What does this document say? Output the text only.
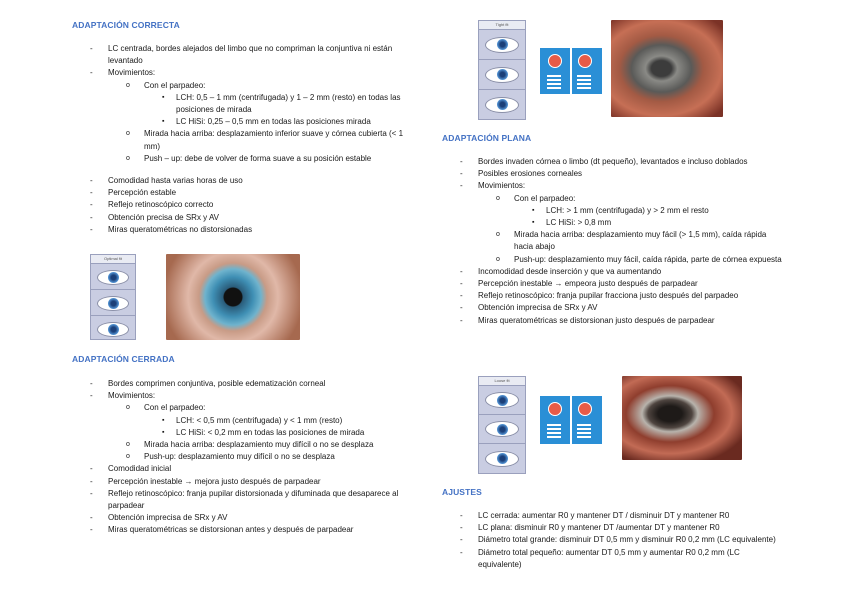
ADAPTACIÓN CORRECTA
- LC centrada, bordes alejados del limbo que no compriman la conjuntiva ni están levantado
- Movimientos:
o Con el parpadeo:
▪ LCH: 0,5 – 1 mm (centrifugada) y 1 – 2 mm (resto) en todas las posiciones de mirada
▪ LC HiSi: 0,25 – 0,5 mm en todas las posiciones mirada
o Mirada hacia arriba: desplazamiento inferior suave y córnea cubierta (< 1 mm)
o Push – up: debe de volver de forma suave a su posición estable
- Comodidad hasta varias horas de uso
- Percepción estable
- Reflejo retinoscópico correcto
- Obtención precisa de SRx y AV
- Miras queratométricas no distorsionadas
Optimal fit
ADAPTACIÓN CERRADA
- Bordes comprimen conjuntiva, posible edematización corneal
- Movimientos:
o Con el parpadeo:
▪ LCH: < 0,5 mm (centrifugada) y < 1 mm (resto)
▪ LC HiSi: < 0,2 mm en todas las posiciones de mirada
o Mirada hacia arriba: desplazamiento muy difícil o no se desplaza
o Push-up: desplazamiento muy difícil o no se desplaza
- Comodidad inicial
- Percepción inestable → mejora justo después de parpadear
- Reflejo retinoscópico: franja pupilar distorsionada y difuminada que desaparece al parpadear
- Obtención imprecisa de SRx y AV
- Miras queratométricas se distorsionan antes y después de parpadear
Tight fit
ADAPTACIÓN PLANA
- Bordes invaden córnea o limbo (dt pequeño), levantados e incluso doblados
- Posibles erosiones corneales
- Movimientos:
o Con el parpadeo:
▪ LCH: > 1 mm (centrifugada) y > 2 mm el resto
▪ LC HiSi: > 0,8 mm
o Mirada hacia arriba: desplazamiento muy fácil (> 1,5 mm), caída rápida hacia abajo
o Push-up: desplazamiento muy fácil, caída rápida, parte de córnea expuesta
- Incomodidad desde inserción y que va aumentando
- Percepción inestable → empeora justo después de parpadear
- Reflejo retinoscópico: franja pupilar fracciona justo después del parpadeo
- Obtención imprecisa de SRx y AV
- Miras queratométricas se distorsionan justo después de parpadear
Loose fit
AJUSTES
- LC cerrada: aumentar R0 y mantener DT / disminuir DT y mantener R0
- LC plana: disminuir R0 y mantener DT /aumentar DT y mantener R0
- Diámetro total grande: disminuir DT 0,5 mm y disminuir R0 0,2 mm (LC equivalente)
- Diámetro total pequeño: aumentar DT 0,5 mm y aumentar R0 0,2 mm (LC equivalente)
